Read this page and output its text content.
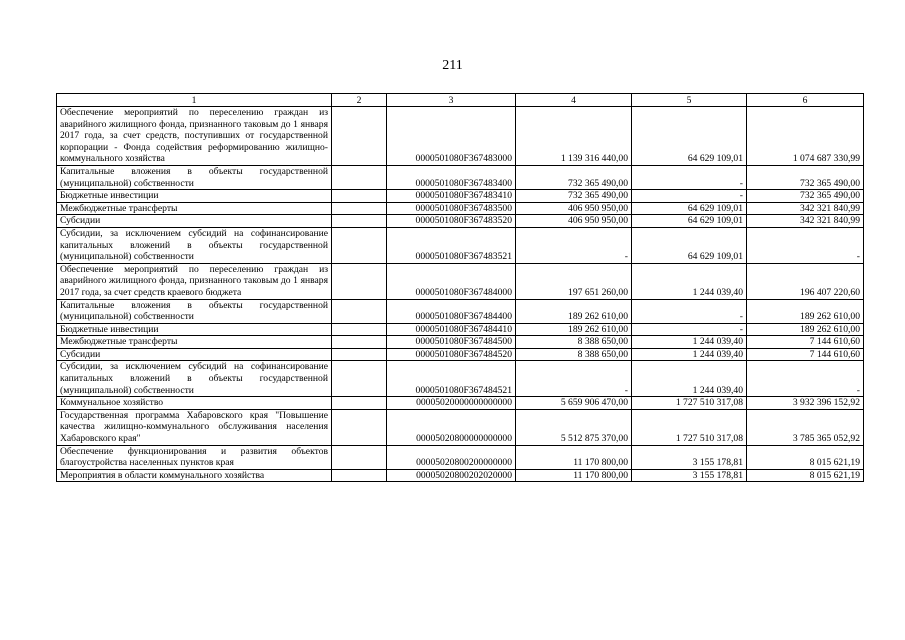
211
1	2	3	4	5	6
Обеспечение мероприятий по переселению граждан из аварийного жилищного фонда, признанного таковым до 1 января 2017 года, за счет средств, поступивших от государственной корпорации - Фонда содействия реформированию жилищно-коммунального хозяйства		0000501080F367483000	1 139 316 440,00	64 629 109,01	1 074 687 330,99
Капитальные вложения в объекты государственной (муниципальной) собственности		0000501080F367483400	732 365 490,00	-	732 365 490,00
Бюджетные инвестиции		0000501080F367483410	732 365 490,00	-	732 365 490,00
Межбюджетные трансферты		0000501080F367483500	406 950 950,00	64 629 109,01	342 321 840,99
Субсидии		0000501080F367483520	406 950 950,00	64 629 109,01	342 321 840,99
Субсидии, за исключением субсидий на софинансирование капитальных вложений в объекты государственной (муниципальной) собственности		0000501080F367483521	-	64 629 109,01	-
Обеспечение мероприятий по переселению граждан из аварийного жилищного фонда, признанного таковым до 1 января 2017 года, за счет средств краевого бюджета		0000501080F367484000	197 651 260,00	1 244 039,40	196 407 220,60
Капитальные вложения в объекты государственной (муниципальной) собственности		0000501080F367484400	189 262 610,00	-	189 262 610,00
Бюджетные инвестиции		0000501080F367484410	189 262 610,00	-	189 262 610,00
Межбюджетные трансферты		0000501080F367484500	8 388 650,00	1 244 039,40	7 144 610,60
Субсидии		0000501080F367484520	8 388 650,00	1 244 039,40	7 144 610,60
Субсидии, за исключением субсидий на софинансирование капитальных вложений в объекты государственной (муниципальной) собственности		0000501080F367484521	-	1 244 039,40	-
Коммунальное хозяйство		00005020000000000000	5 659 906 470,00	1 727 510 317,08	3 932 396 152,92
Государственная программа Хабаровского края "Повышение качества жилищно-коммунального обслуживания населения Хабаровского края"		00005020800000000000	5 512 875 370,00	1 727 510 317,08	3 785 365 052,92
Обеспечение функционирования и развития объектов благоустройства населенных пунктов края		00005020800200000000	11 170 800,00	3 155 178,81	8 015 621,19
Мероприятия в области коммунального хозяйства		00005020800202020000	11 170 800,00	3 155 178,81	8 015 621,19
